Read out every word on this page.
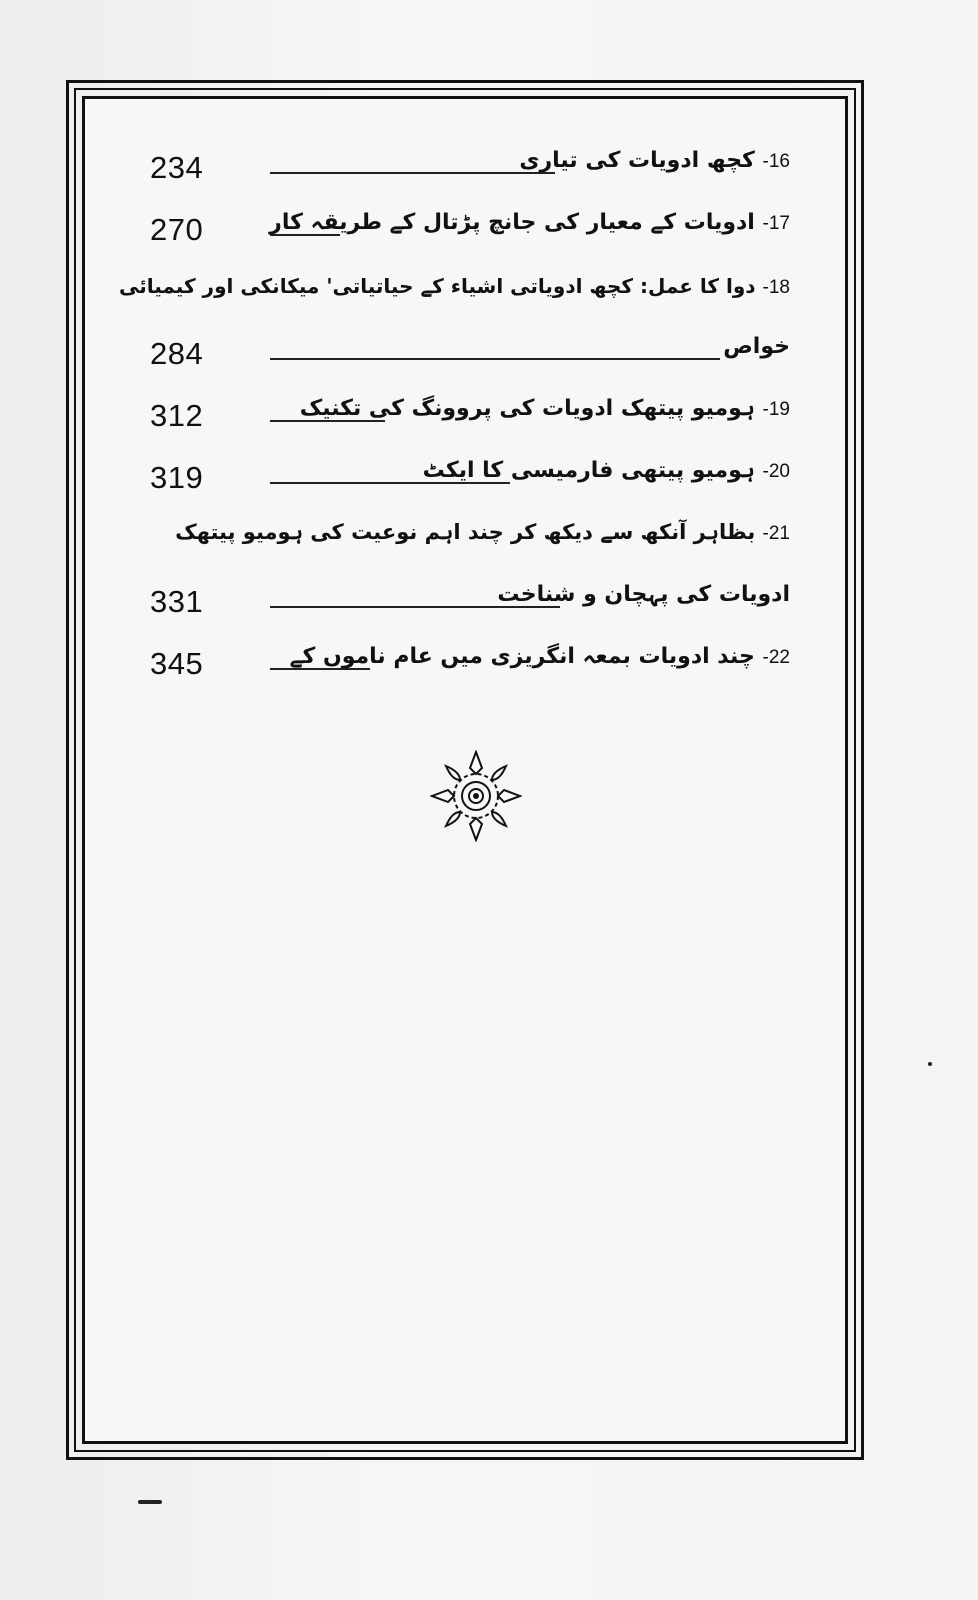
234	16- کچھ ادویات کی تیاری
270	17- ادویات کے معیار کی جانچ پڑتال کے طریقہ کار
18- دوا کا عمل: کچھ ادویاتی اشیاء کے حیاتیاتی' میکانکی اور کیمیائی
284	خواص
312	19- ہومیو پیتھک ادویات کی پروونگ کی تکنیک
319	20- ہومیو پیتھی فارمیسی کا ایکٹ
21- بظاہر آنکھ سے دیکھ کر چند اہم نوعیت کی ہومیو پیتھک
331	ادویات کی پہچان و شناخت
345	22- چند ادویات بمعہ انگریزی میں عام ناموں کے
